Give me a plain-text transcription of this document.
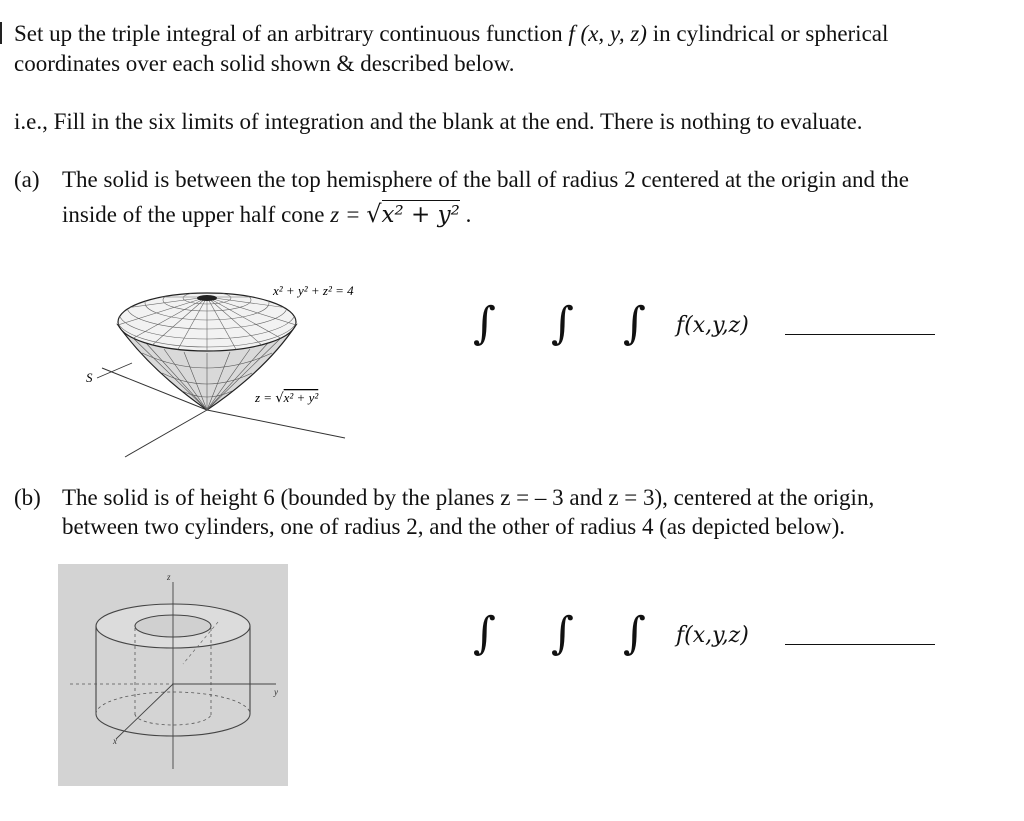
Set up the triple integral of an arbitrary continuous function f (x, y, z) in cylindrical or spherical
coordinates over each solid shown & described below.
i.e., Fill in the six limits of integration and the blank at the end. There is nothing to evaluate.
(a) The solid is between the top hemisphere of the ball of radius 2 centered at the origin and the
inside of the upper half cone z = √x² + y² .
x² + y² + z² = 4
z = √x² + y²
S
∫ ∫ ∫ f(x,y,z)
(b) The solid is of height 6 (bounded by the planes z = – 3 and z = 3), centered at the origin,
between two cylinders, one of radius 2, and the other of radius 4 (as depicted below).
z
y
x
∫ ∫ ∫ f(x,y,z)
